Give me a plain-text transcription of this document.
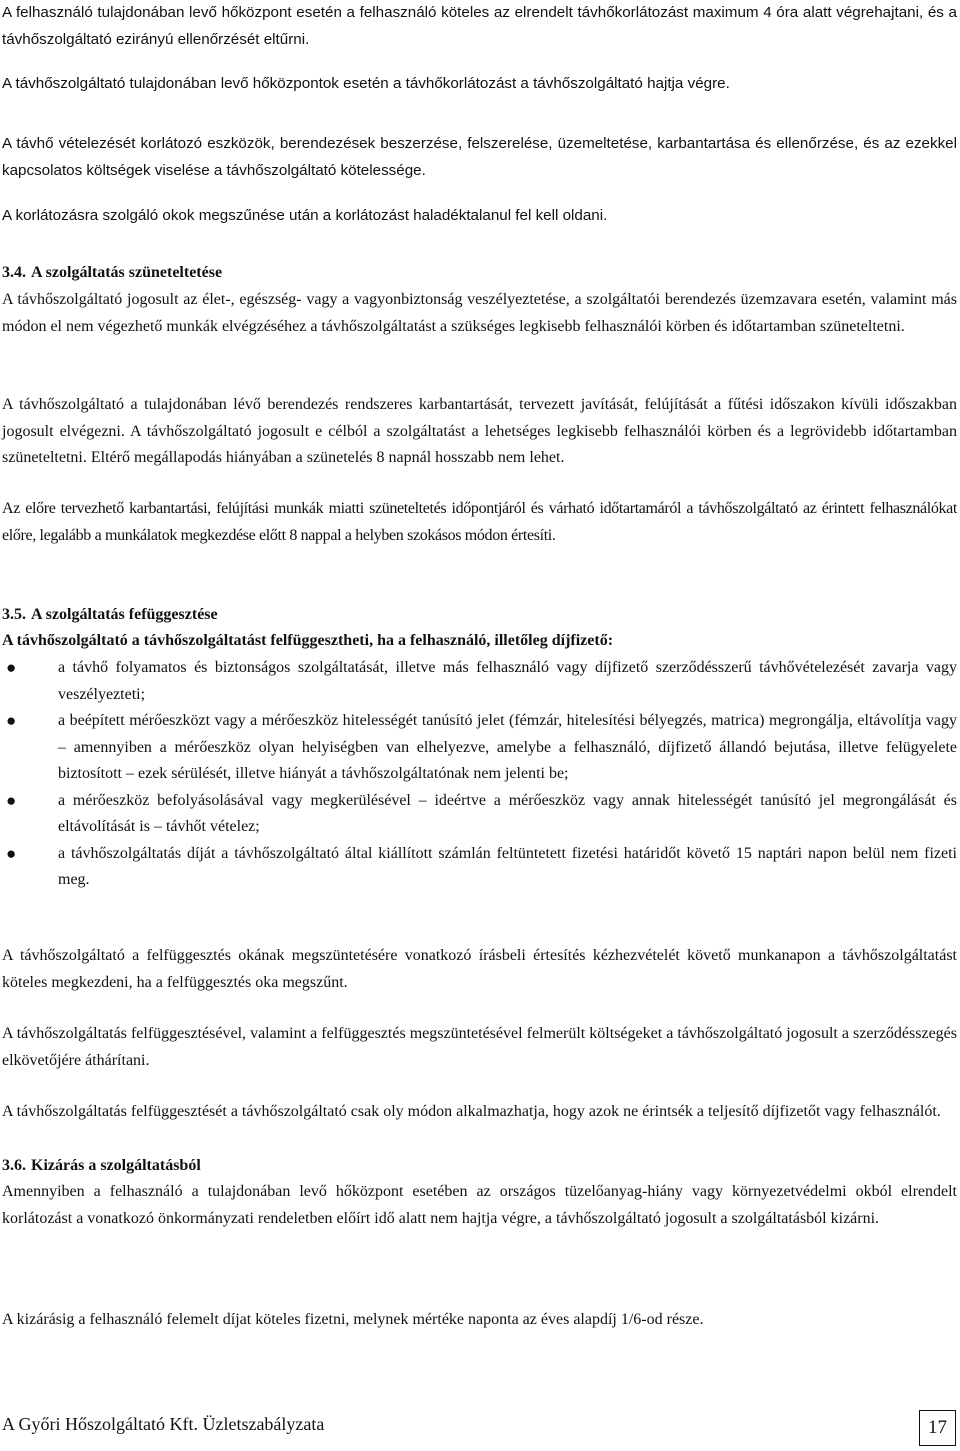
A felhasználó tulajdonában levő hőközpont esetén a felhasználó köteles az elrendelt távhőkorlátozást maximum 4 óra alatt végrehajtani, és a távhőszolgáltató ezirányú ellenőrzését eltűrni.

A távhőszolgáltató tulajdonában levő hőközpontok esetén a távhőkorlátozást a távhőszolgáltató hajtja végre.

A távhő vételezését korlátozó eszközök, berendezések beszerzése, felszerelése, üzemeltetése, karbantartása és ellenőrzése, és az ezekkel kapcsolatos költségek viselése a távhőszolgáltató kötelessége.

A korlátozásra szolgáló okok megszűnése után a korlátozást haladéktalanul fel kell oldani.

3.4. A szolgáltatás szüneteltetése

A távhőszolgáltató jogosult az élet-, egészség- vagy a vagyonbiztonság veszélyeztetése, a szolgáltatói berendezés üzemzavara esetén, valamint más módon el nem végezhető munkák elvégzéséhez a távhőszolgáltatást a szükséges legkisebb felhasználói körben és időtartamban szüneteltetni.

A távhőszolgáltató a tulajdonában lévő berendezés rendszeres karbantartását, tervezett javítását, felújítását a fűtési időszakon kívüli időszakban jogosult elvégezni. A távhőszolgáltató jogosult e célból a szolgáltatást a lehetséges legkisebb felhasználói körben és a legrövidebb időtartamban szüneteltetni. Eltérő megállapodás hiányában a szünetelés 8 napnál hosszabb nem lehet.

Az előre tervezhető karbantartási, felújítási munkák miatti szüneteltetés időpontjáról és várható időtartamáról a távhőszolgáltató az érintett felhasználókat előre, legalább a munkálatok megkezdése előtt 8 nappal a helyben szokásos módon értesíti.

3.5. A szolgáltatás fefüggesztése

A távhőszolgáltató a távhőszolgáltatást felfüggesztheti, ha a felhasználó, illetőleg díjfizető:

●	a távhő folyamatos és biztonságos szolgáltatását, illetve más felhasználó vagy díjfizető szerződésszerű távhővételezését zavarja vagy veszélyezteti;
●	a beépített mérőeszközt vagy a mérőeszköz hitelességét tanúsító jelet (fémzár, hitelesítési bélyegzés, matrica) megrongálja, eltávolítja vagy – amennyiben a mérőeszköz olyan helyiségben van elhelyezve, amelybe a felhasználó, díjfizető állandó bejutása, illetve felügyelete biztosított – ezek sérülését, illetve hiányát a távhőszolgáltatónak nem jelenti be;
●	a mérőeszköz befolyásolásával vagy megkerülésével – ideértve a mérőeszköz vagy annak hitelességét tanúsító jel megrongálását és eltávolítását is – távhőt vételez;
●	a távhőszolgáltatás díját a távhőszolgáltató által kiállított számlán feltüntetett fizetési határidőt követő 15 naptári napon belül nem fizeti meg.

A távhőszolgáltató a felfüggesztés okának megszüntetésére vonatkozó írásbeli értesítés kézhezvételét követő munkanapon a távhőszolgáltatást köteles megkezdeni, ha a felfüggesztés oka megszűnt.

A távhőszolgáltatás felfüggesztésével, valamint a felfüggesztés megszüntetésével felmerült költségeket a távhőszolgáltató jogosult a szerződésszegés elkövetőjére áthárítani.

A távhőszolgáltatás felfüggesztését a távhőszolgáltató csak oly módon alkalmazhatja, hogy azok ne érintsék a teljesítő díjfizetőt vagy felhasználót.

3.6. Kizárás a szolgáltatásból

Amennyiben a felhasználó a tulajdonában levő hőközpont esetében az országos tüzelőanyag-hiány vagy környezetvédelmi okból elrendelt korlátozást a vonatkozó önkormányzati rendeletben előírt idő alatt nem hajtja végre, a távhőszolgáltató jogosult a szolgáltatásból kizárni.

A kizárásig a felhasználó felemelt díjat köteles fizetni, melynek mértéke naponta az éves alapdíj 1/6-od része.

A Győri Hőszolgáltató Kft. Üzletszabályzata	17
